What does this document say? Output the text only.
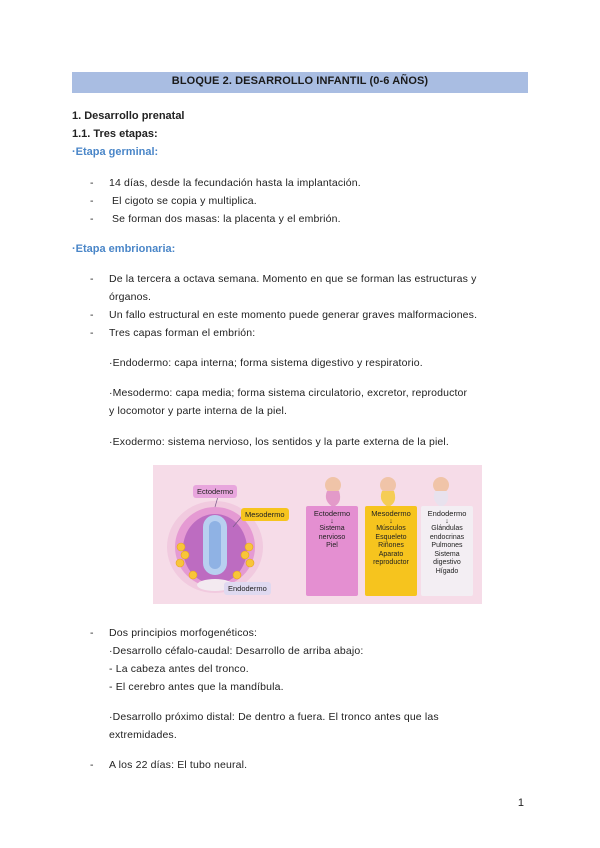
BLOQUE 2. DESARROLLO INFANTIL (0-6 AÑOS)
1. Desarrollo prenatal
1.1. Tres etapas:
·Etapa germinal:
- 14 días, desde la fecundación hasta la implantación.
- El cigoto se copia y multiplica.
- Se forman dos masas: la placenta y el embrión.
·Etapa embrionaria:
- De la tercera a octava semana. Momento en que se forman las estructuras y
órganos.
- Un fallo estructural en este momento puede generar graves malformaciones.
- Tres capas forman el embrión:
·Endodermo: capa interna; forma sistema digestivo y respiratorio.
·Mesodermo: capa media; forma sistema circulatorio, excretor, reproductor
y locomotor y parte interna de la piel.
·Exodermo: sistema nervioso, los sentidos y la parte externa de la piel.
Ectodermo
Mesodermo
Endodermo
Ectodermo
↓
Sistema
nervioso
Piel
Mesodermo
↓
Músculos
Esqueleto
Riñones
Aparato
reproductor
Endodermo
↓
Glándulas
endocrinas
Pulmones
Sistema
digestivo
Hígado
- Dos principios morfogenéticos:
·Desarrollo céfalo-caudal: Desarrollo de arriba abajo:
- La cabeza antes del tronco.
- El cerebro antes que la mandíbula.
·Desarrollo próximo distal: De dentro a fuera. El tronco antes que las
extremidades.
- A los 22 días: El tubo neural.
1
